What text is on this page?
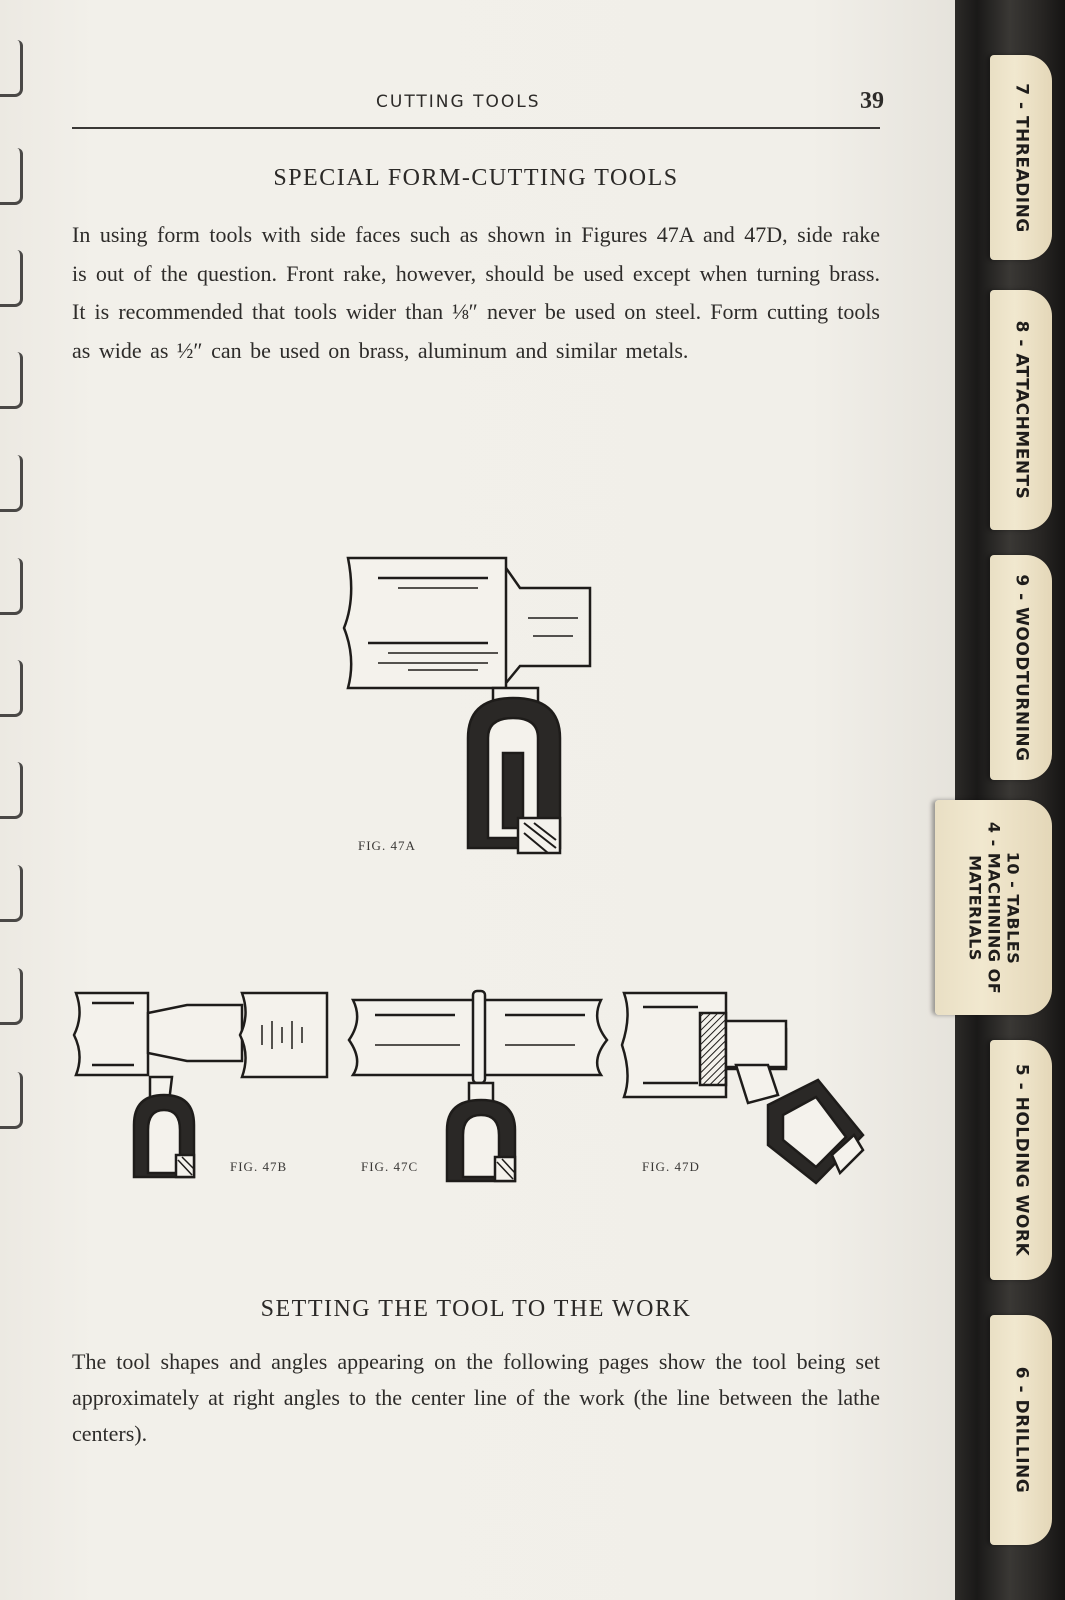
CUTTING TOOLS	39
SPECIAL FORM-CUTTING TOOLS

In using form tools with side faces such as shown in Figures 47A and 47D, side rake is out of the question. Front rake, however, should be used except when turning brass. It is recommended that tools wider than ⅛″ never be used on steel. Form cutting tools as wide as ½″ can be used on brass, aluminum and similar metals.

FIG. 47A
FIG. 47B	FIG. 47C	FIG. 47D
SETTING THE TOOL TO THE WORK

The tool shapes and angles appearing on the following pages show the tool being set approximately at right angles to the center line of the work (the line between the lathe centers).

7 - THREADING
8 - ATTACHMENTS
9 - WOODTURNING
10 - TABLES
4 - MACHINING OF
MATERIALS
5 - HOLDING WORK
6 - DRILLING
